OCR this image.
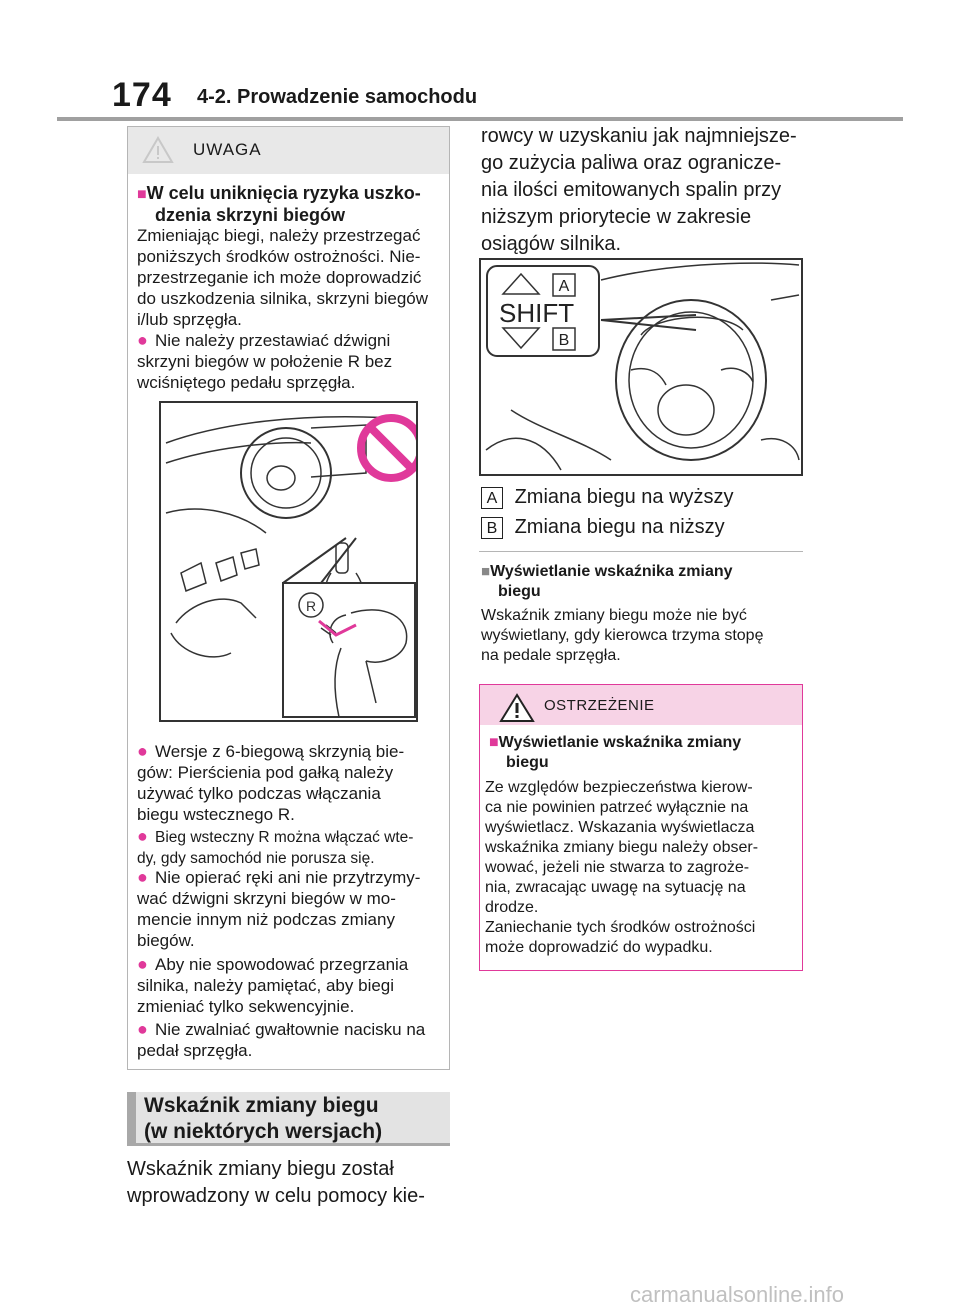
174 4-2. Prowadzenie samochodu
UWAGA
■W celu uniknięcia ryzyka uszko-
dzenia skrzyni biegów
Zmieniając biegi, należy przestrzegać
poniższych środków ostrożności. Nie-
przestrzeganie ich może doprowadzić
do uszkodzenia silnika, skrzyni biegów
i/lub sprzęgła.
● Nie należy przestawiać dźwigni
skrzyni biegów w położenie R bez
wciśniętego pedału sprzęgła.
R
● Wersje z 6-biegową skrzynią bie-
gów: Pierścienia pod gałką należy
używać tylko podczas włączania
biegu wstecznego R.
● Bieg wsteczny R można włączać wte-
dy, gdy samochód nie porusza się.
● Nie opierać ręki ani nie przytrzymy-
wać dźwigni skrzyni biegów w mo-
mencie innym niż podczas zmiany
biegów.
● Aby nie spowodować przegrzania
silnika, należy pamiętać, aby biegi
zmieniać tylko sekwencyjnie.
● Nie zwalniać gwałtownie nacisku na
pedał sprzęgła.
Wskaźnik zmiany biegu
(w niektórych wersjach)
Wskaźnik zmiany biegu został
wprowadzony w celu pomocy kie-
rowcy w uzyskaniu jak najmniejsze-
go zużycia paliwa oraz ogranicze-
nia ilości emitowanych spalin przy
niższym priorytecie w zakresie
osiągów silnika.
A
SHIFT
B
A Zmiana biegu na wyższy
B Zmiana biegu na niższy
■Wyświetlanie wskaźnika zmiany
biegu
Wskaźnik zmiany biegu może nie być
wyświetlany, gdy kierowca trzyma stopę
na pedale sprzęgła.
OSTRZEŻENIE
■Wyświetlanie wskaźnika zmiany
biegu
Ze względów bezpieczeństwa kierow-
ca nie powinien patrzeć wyłącznie na
wyświetlacz. Wskazania wyświetlacza
wskaźnika zmiany biegu należy obser-
wować, jeżeli nie stwarza to zagroże-
nia, zwracając uwagę na sytuację na
drodze.
Zaniechanie tych środków ostrożności
może doprowadzić do wypadku.
carmanualsonline.info
